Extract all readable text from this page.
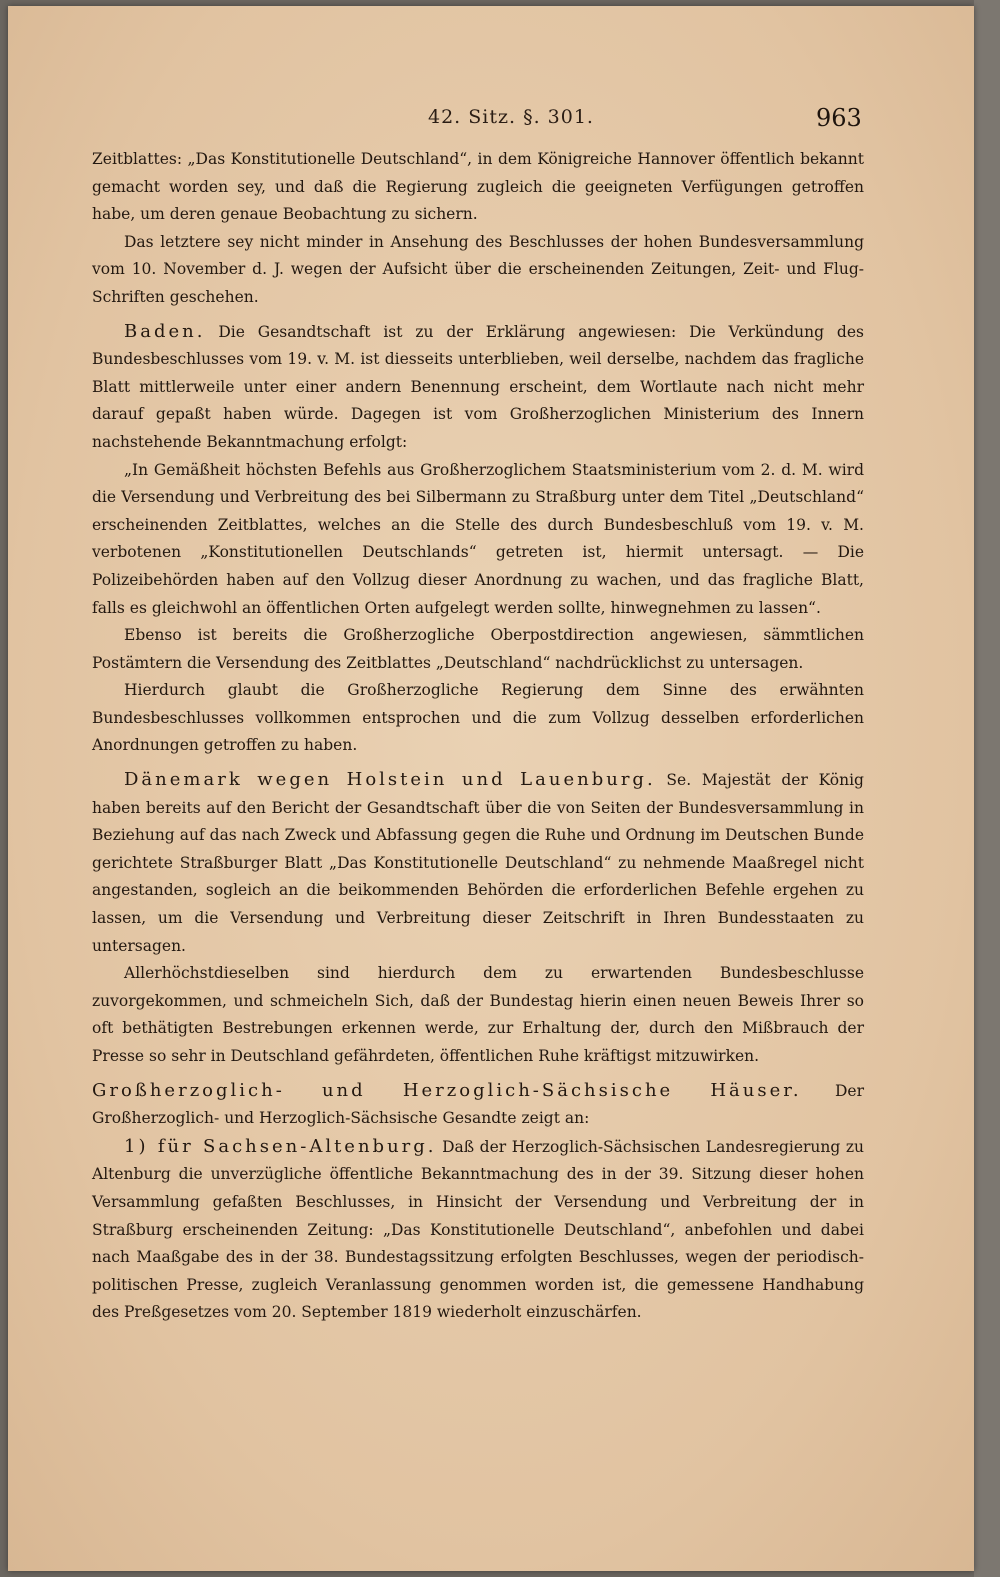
42. Sitz. §. 301.	963

Zeitblattes: „Das Konstitutionelle Deutschland“, in dem Königreiche Hannover öffentlich bekannt gemacht worden sey, und daß die Regierung zugleich die geeigneten Verfügungen getroffen habe, um deren genaue Beobachtung zu sichern.

Das letztere sey nicht minder in Ansehung des Beschlusses der hohen Bundesversammlung vom 10. November d. J. wegen der Aufsicht über die erscheinenden Zeitungen, Zeit- und Flug-Schriften geschehen.

Baden. Die Gesandtschaft ist zu der Erklärung angewiesen: Die Verkündung des Bundesbeschlusses vom 19. v. M. ist diesseits unterblieben, weil derselbe, nachdem das fragliche Blatt mittlerweile unter einer andern Benennung erscheint, dem Wortlaute nach nicht mehr darauf gepaßt haben würde. Dagegen ist vom Großherzoglichen Ministerium des Innern nachstehende Bekanntmachung erfolgt:

„In Gemäßheit höchsten Befehls aus Großherzoglichem Staatsministerium vom 2. d. M. wird die Versendung und Verbreitung des bei Silbermann zu Straßburg unter dem Titel „Deutschland“ erscheinenden Zeitblattes, welches an die Stelle des durch Bundesbeschluß vom 19. v. M. verbotenen „Konstitutionellen Deutschlands“ getreten ist, hiermit untersagt. — Die Polizeibehörden haben auf den Vollzug dieser Anordnung zu wachen, und das fragliche Blatt, falls es gleichwohl an öffentlichen Orten aufgelegt werden sollte, hinwegnehmen zu lassen“.

Ebenso ist bereits die Großherzogliche Oberpostdirection angewiesen, sämmtlichen Postämtern die Versendung des Zeitblattes „Deutschland“ nachdrücklichst zu untersagen.

Hierdurch glaubt die Großherzogliche Regierung dem Sinne des erwähnten Bundesbeschlusses vollkommen entsprochen und die zum Vollzug desselben erforderlichen Anordnungen getroffen zu haben.

Dänemark wegen Holstein und Lauenburg. Se. Majestät der König haben bereits auf den Bericht der Gesandtschaft über die von Seiten der Bundesversammlung in Beziehung auf das nach Zweck und Abfassung gegen die Ruhe und Ordnung im Deutschen Bunde gerichtete Straßburger Blatt „Das Konstitutionelle Deutschland“ zu nehmende Maaßregel nicht angestanden, sogleich an die beikommenden Behörden die erforderlichen Befehle ergehen zu lassen, um die Versendung und Verbreitung dieser Zeitschrift in Ihren Bundesstaaten zu untersagen.

Allerhöchstdieselben sind hierdurch dem zu erwartenden Bundesbeschlusse zuvorgekommen, und schmeicheln Sich, daß der Bundestag hierin einen neuen Beweis Ihrer so oft bethätigten Bestrebungen erkennen werde, zur Erhaltung der, durch den Mißbrauch der Presse so sehr in Deutschland gefährdeten, öffentlichen Ruhe kräftigst mitzuwirken.

Großherzoglich- und Herzoglich-Sächsische Häuser. Der Großherzoglich- und Herzoglich-Sächsische Gesandte zeigt an:

1) für Sachsen-Altenburg. Daß der Herzoglich-Sächsischen Landesregierung zu Altenburg die unverzügliche öffentliche Bekanntmachung des in der 39. Sitzung dieser hohen Versammlung gefaßten Beschlusses, in Hinsicht der Versendung und Verbreitung der in Straßburg erscheinenden Zeitung: „Das Konstitutionelle Deutschland“, anbefohlen und dabei nach Maaßgabe des in der 38. Bundestagssitzung erfolgten Beschlusses, wegen der periodisch-politischen Presse, zugleich Veranlassung genommen worden ist, die gemessene Handhabung des Preßgesetzes vom 20. September 1819 wiederholt einzuschärfen.
